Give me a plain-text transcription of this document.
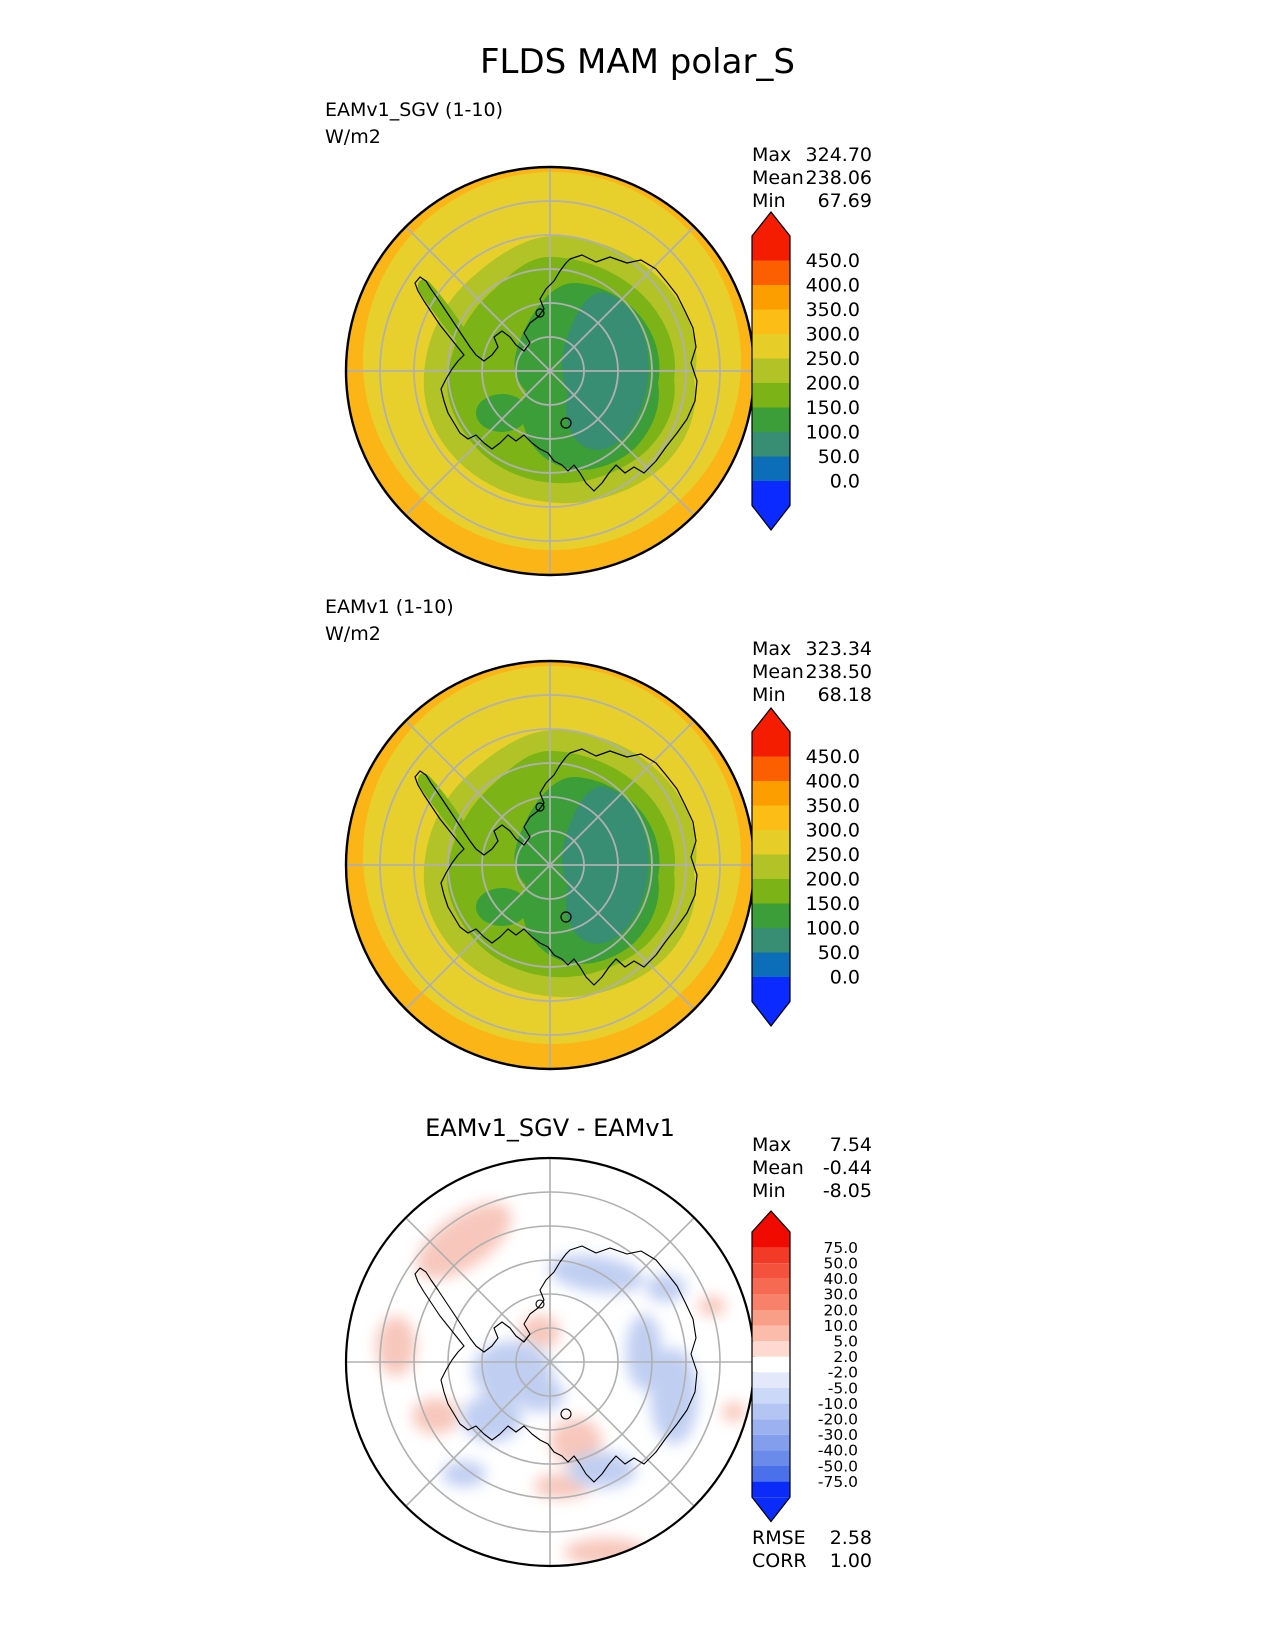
FLDS MAM polar_S
EAMv1_SGV (1-10)
W/m2
Max 324.70
Mean 238.06
Min 67.69
450.0
400.0
350.0
300.0
250.0
200.0
150.0
100.0
50.0
0.0
EAMv1 (1-10)
W/m2
Max 323.34
Mean 238.50
Min 68.18
450.0
400.0
350.0
300.0
250.0
200.0
150.0
100.0
50.0
0.0
EAMv1_SGV - EAMv1
Max 7.54
Mean -0.44
Min -8.05
75.0
50.0
40.0
30.0
20.0
10.0
5.0
2.0
-2.0
-5.0
-10.0
-20.0
-30.0
-40.0
-50.0
-75.0
RMSE 2.58
CORR 1.00
